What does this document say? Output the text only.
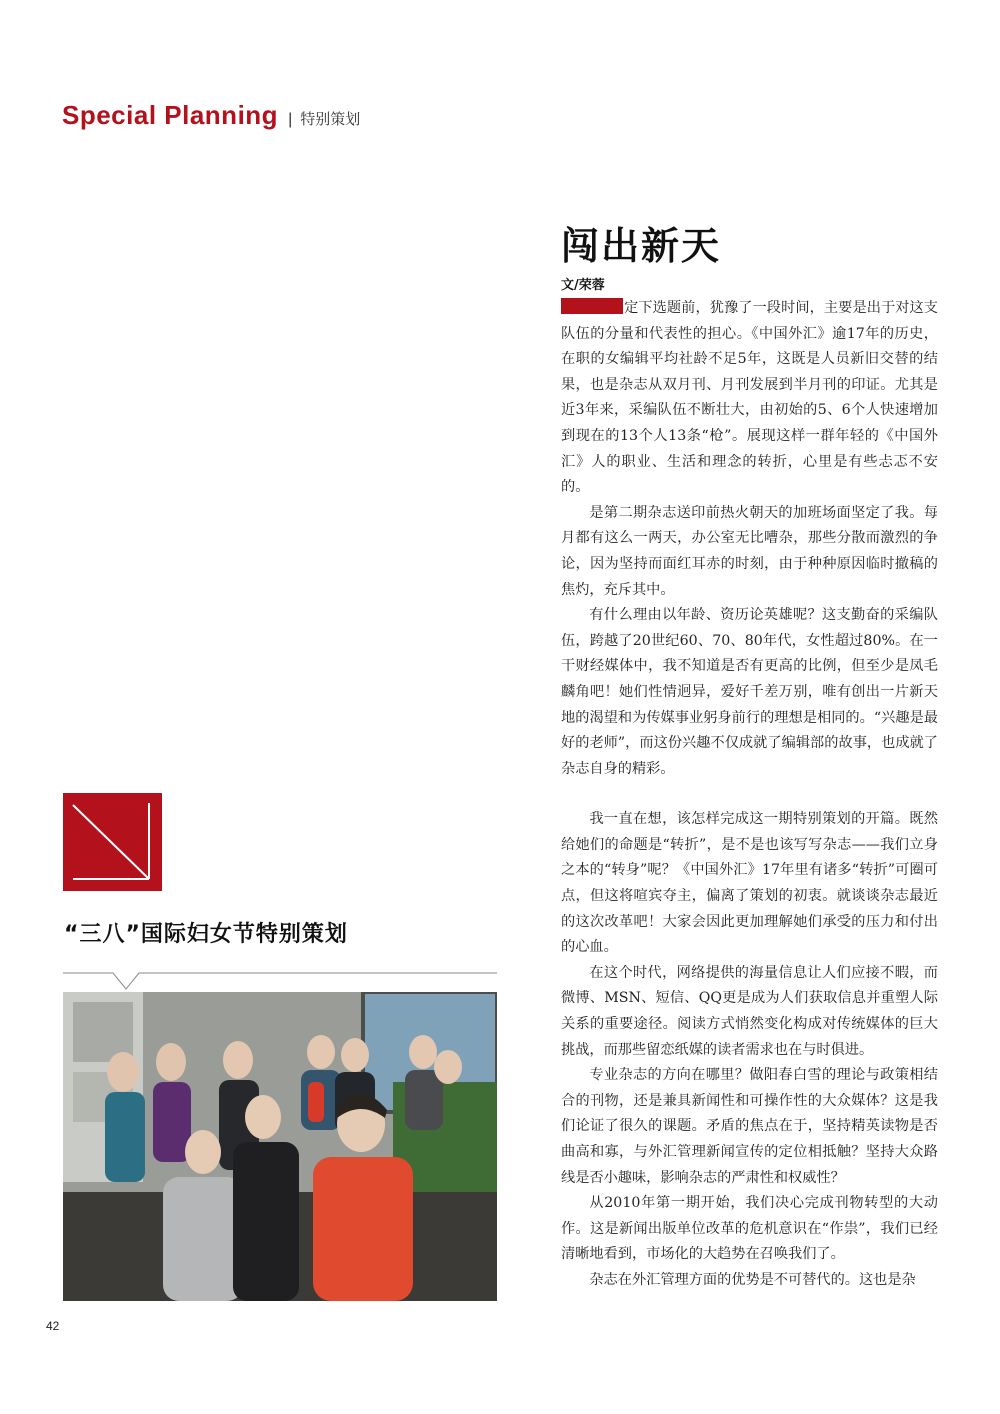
Special Planning | 特别策划
闯出新天
文/荣蓉

定下选题前，犹豫了一段时间，主要是出于对这支队伍的分量和代表性的担心。《中国外汇》逾17年的历史，在职的女编辑平均社龄不足5年，这既是人员新旧交替的结果，也是杂志从双月刊、月刊发展到半月刊的印证。尤其是近3年来，采编队伍不断壮大，由初始的5、6个人快速增加到现在的13个人13条“枪”。展现这样一群年轻的《中国外汇》人的职业、生活和理念的转折，心里是有些忐忑不安的。

是第二期杂志送印前热火朝天的加班场面坚定了我。每月都有这么一两天，办公室无比嘈杂，那些分散而激烈的争论，因为坚持而面红耳赤的时刻，由于种种原因临时撤稿的焦灼，充斥其中。

有什么理由以年龄、资历论英雄呢？这支勤奋的采编队伍，跨越了20世纪60、70、80年代，女性超过80%。在一干财经媒体中，我不知道是否有更高的比例，但至少是凤毛麟角吧！她们性情迥异，爱好千差万别，唯有创出一片新天地的渴望和为传媒事业躬身前行的理想是相同的。“兴趣是最好的老师”，而这份兴趣不仅成就了编辑部的故事，也成就了杂志自身的精彩。

我一直在想，该怎样完成这一期特别策划的开篇。既然给她们的命题是“转折”，是不是也该写写杂志——我们立身之本的“转身”呢？《中国外汇》17年里有诸多“转折”可圈可点，但这将喧宾夺主，偏离了策划的初衷。就谈谈杂志最近的这次改革吧！大家会因此更加理解她们承受的压力和付出的心血。

在这个时代，网络提供的海量信息让人们应接不暇，而微博、MSN、短信、QQ更是成为人们获取信息并重塑人际关系的重要途径。阅读方式悄然变化构成对传统媒体的巨大挑战，而那些留恋纸媒的读者需求也在与时俱进。

专业杂志的方向在哪里？做阳春白雪的理论与政策相结合的刊物，还是兼具新闻性和可操作性的大众媒体？这是我们论证了很久的课题。矛盾的焦点在于，坚持精英读物是否曲高和寡，与外汇管理新闻宣传的定位相抵触？坚持大众路线是否小趣味，影响杂志的严肃性和权威性？

从2010年第一期开始，我们决心完成刊物转型的大动作。这是新闻出版单位改革的危机意识在“作祟”，我们已经清晰地看到，市场化的大趋势在召唤我们了。

杂志在外汇管理方面的优势是不可替代的。这也是杂

“三八”国际妇女节特别策划
42
